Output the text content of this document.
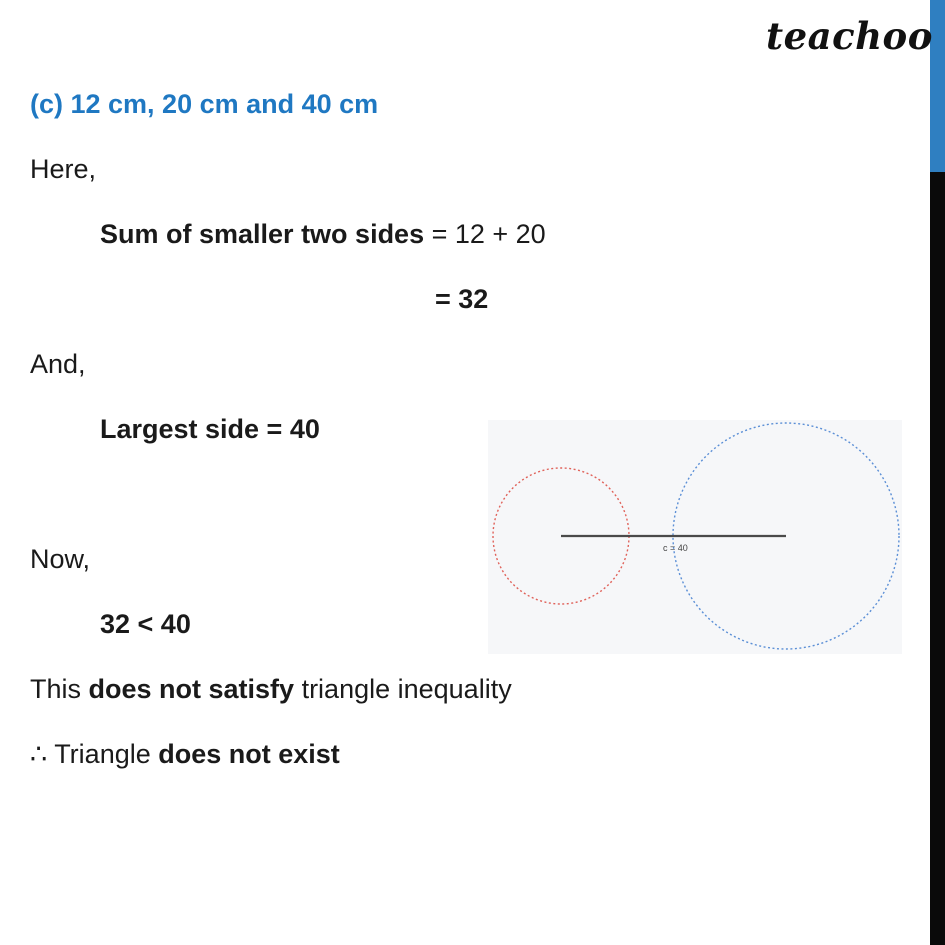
teachoo
(c) 12 cm, 20 cm and 40 cm
Here,
Sum of smaller two sides = 12 + 20
= 32
And,
Largest side = 40
Now,
32 < 40
This does not satisfy triangle inequality
∴ Triangle does not exist
c = 40
